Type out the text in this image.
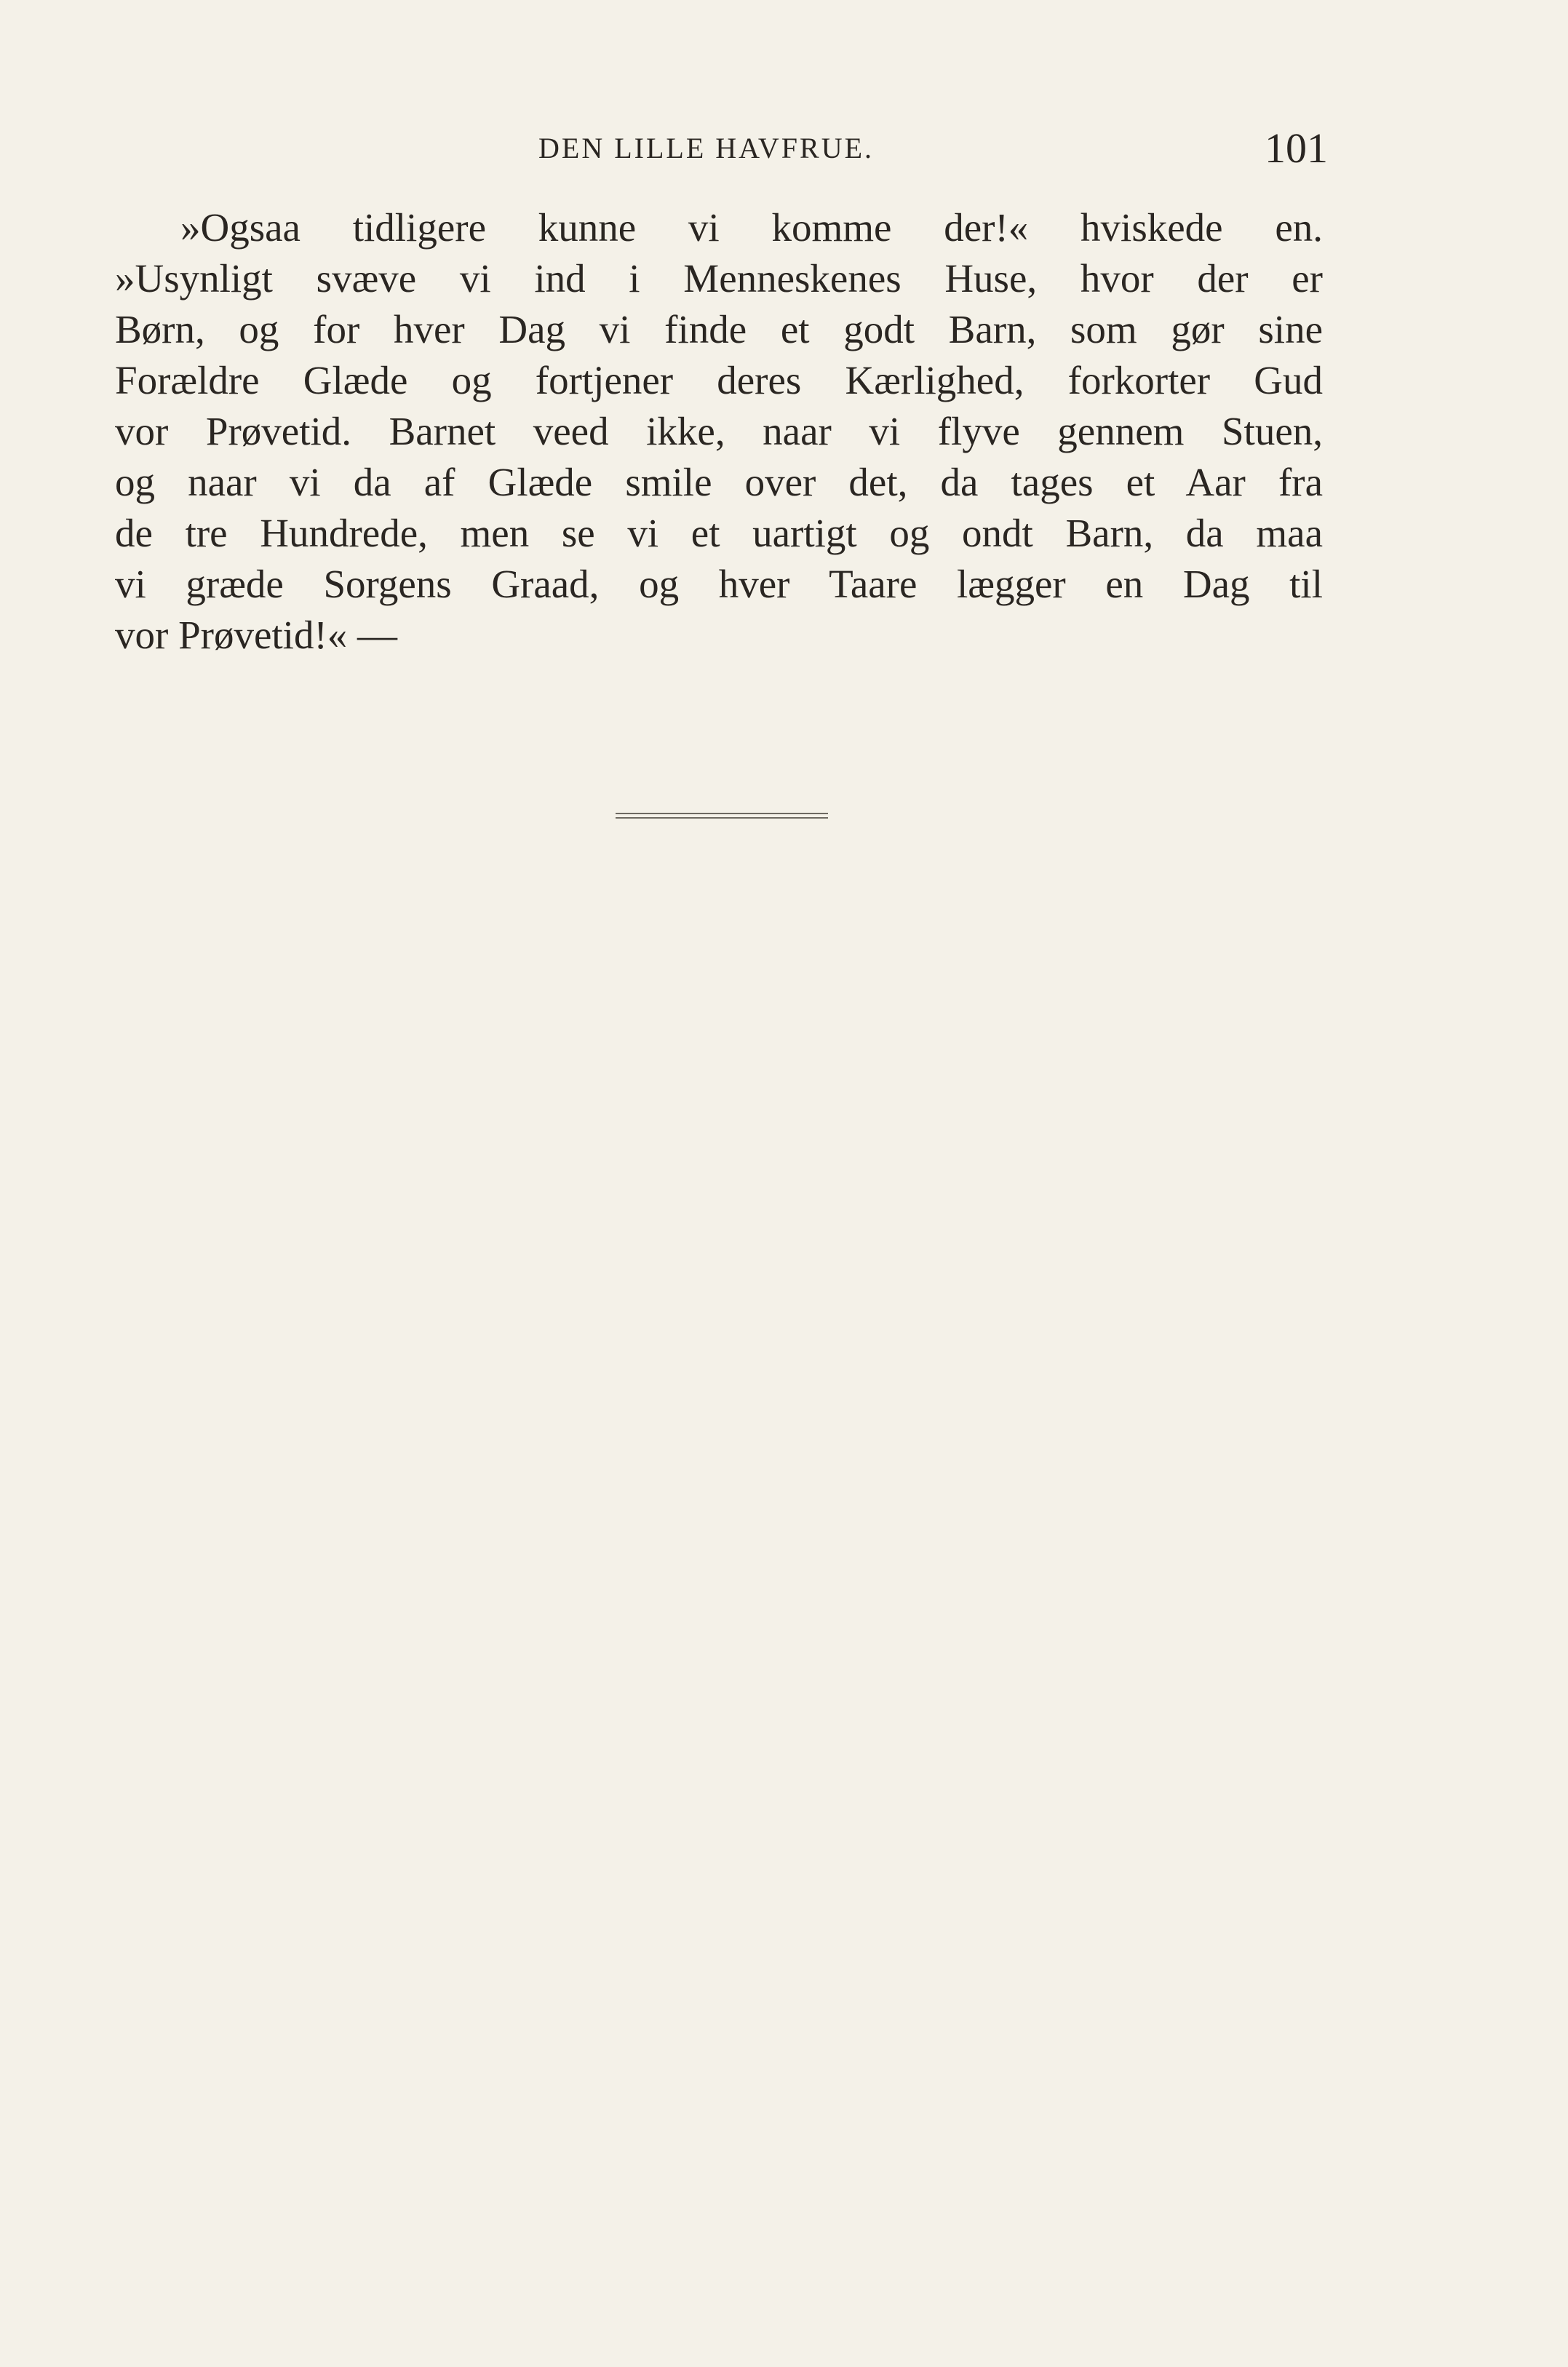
DEN LILLE HAVFRUE.	101
»Ogsaa tidligere kunne vi komme der!« hviskede en.
»Usynligt svæve vi ind i Menneskenes Huse, hvor der er
Børn, og for hver Dag vi finde et godt Barn, som gør sine
Forældre Glæde og fortjener deres Kærlighed, forkorter Gud
vor Prøvetid. Barnet veed ikke, naar vi flyve gennem Stuen,
og naar vi da af Glæde smile over det, da tages et Aar fra
de tre Hundrede, men se vi et uartigt og ondt Barn, da maa
vi græde Sorgens Graad, og hver Taare lægger en Dag til
vor Prøvetid!« —
